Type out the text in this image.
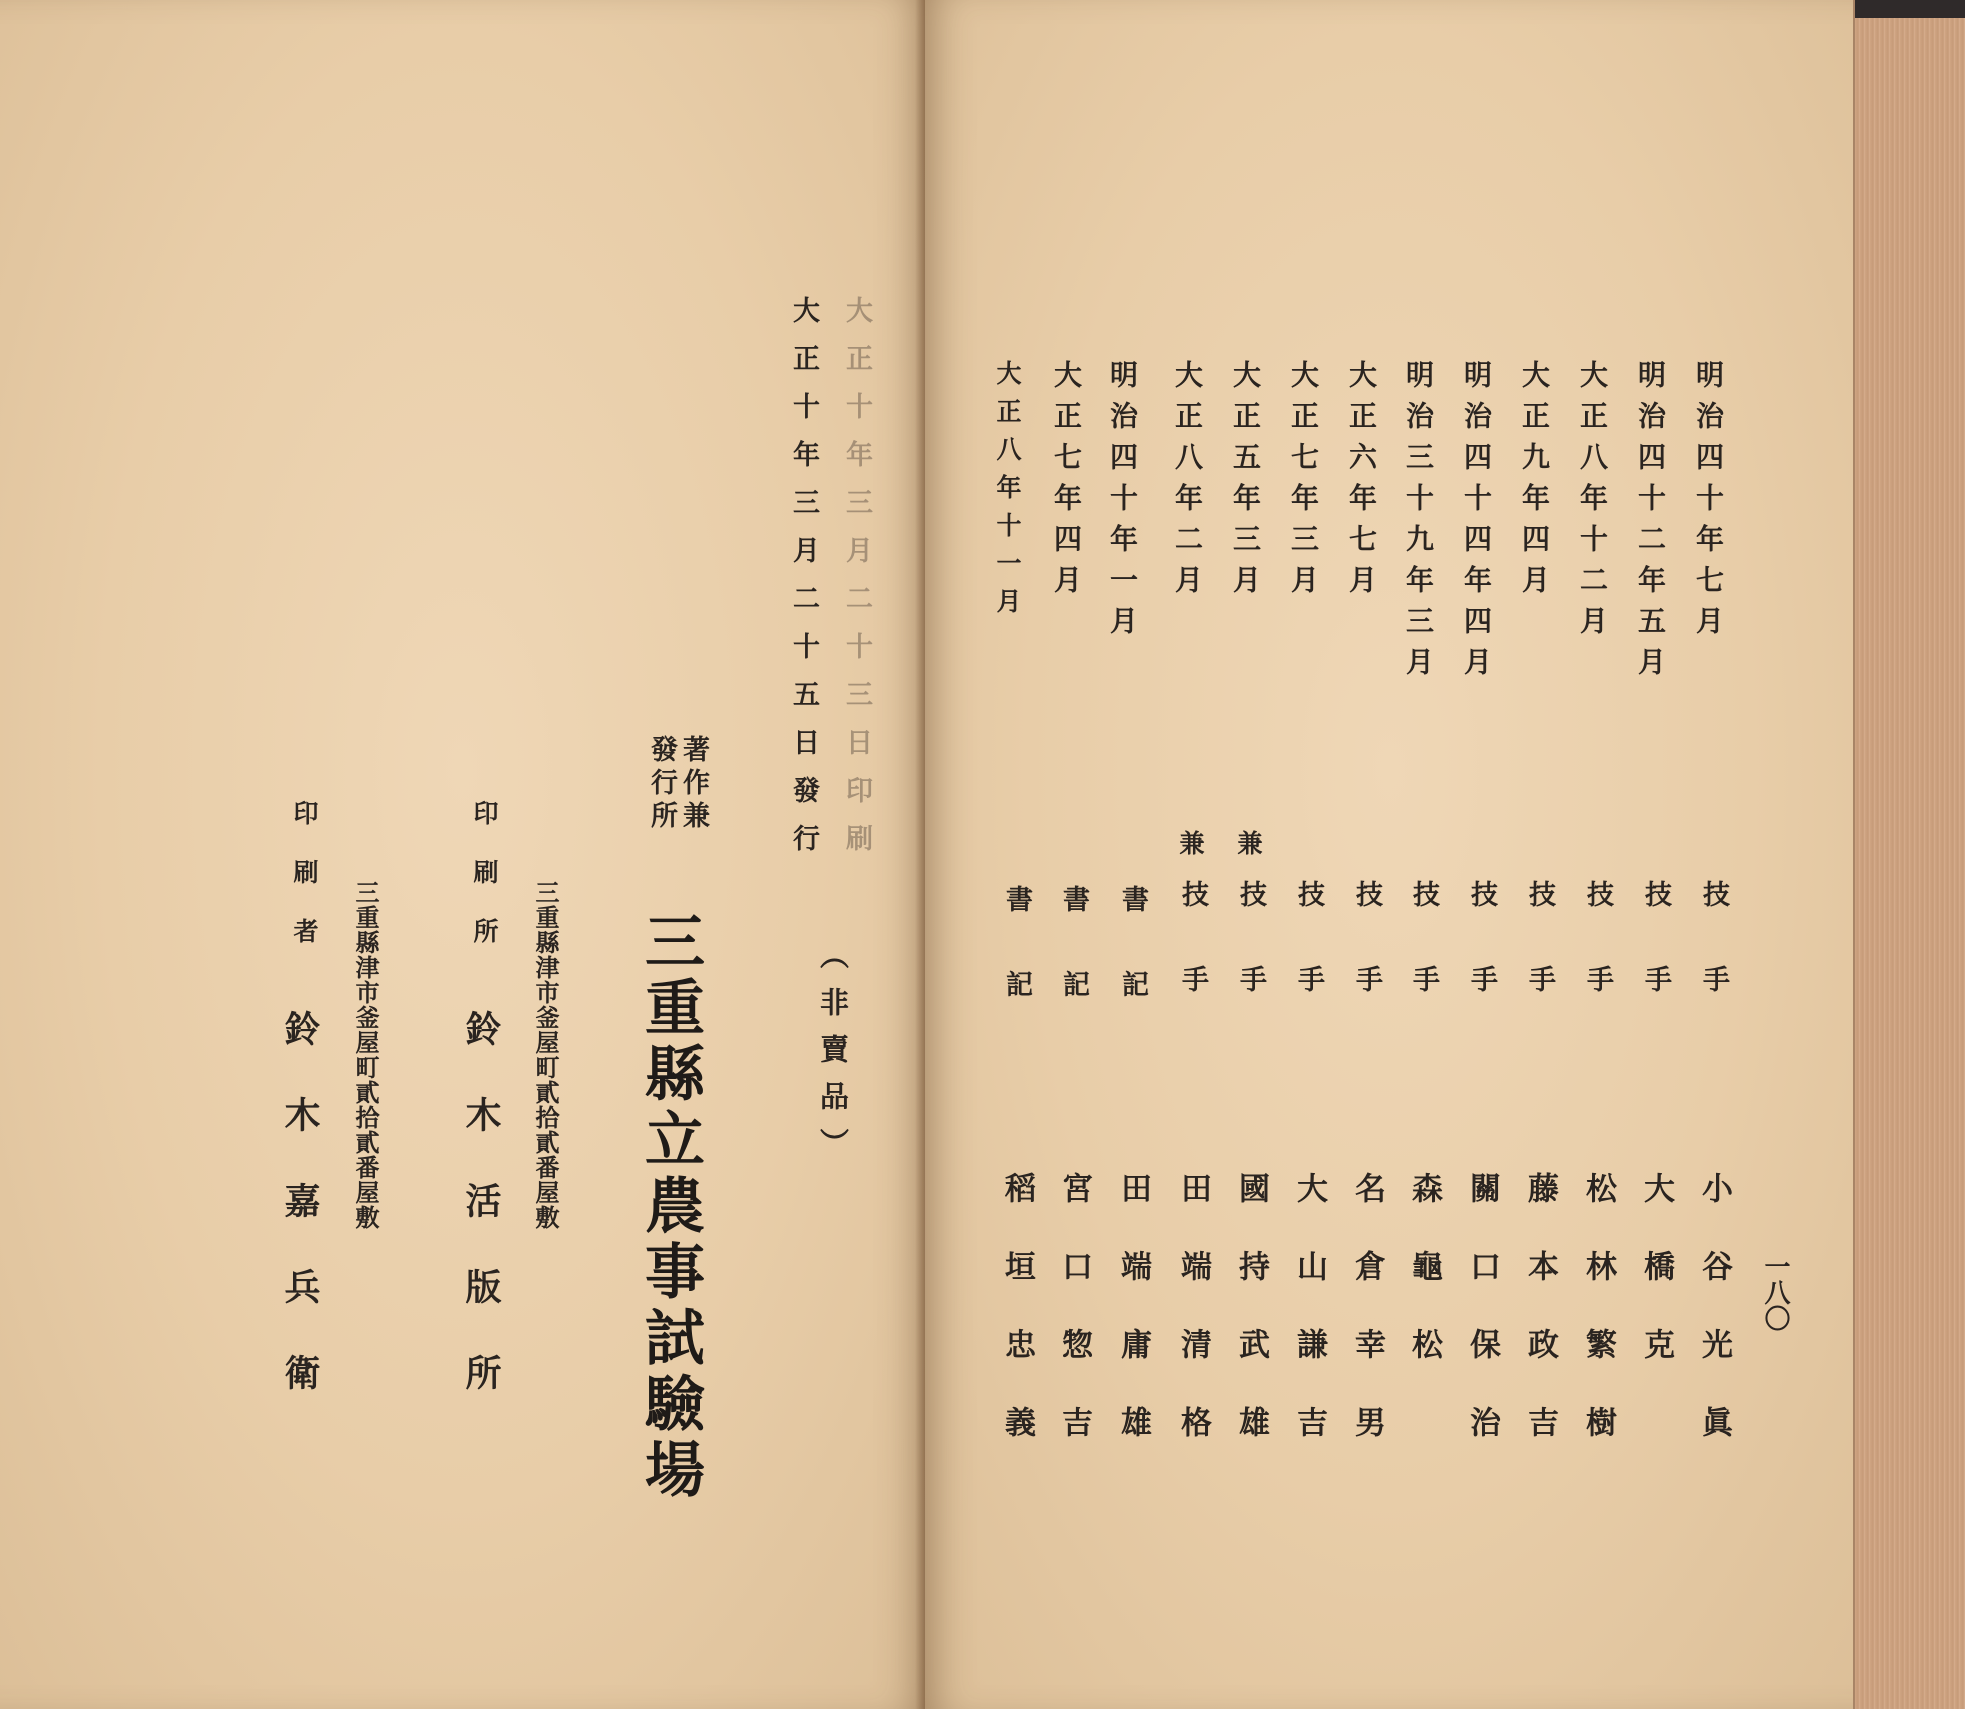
大正十年三月二十三日印刷
大正十年三月二十五日發行
（非賣品）
著作兼
發行所
三重縣立農事試驗場
三重縣津市釜屋町貳拾貳番屋敷
印刷所
鈴木活版所
三重縣津市釜屋町貳拾貳番屋敷
印刷者
鈴木嘉兵衛	一八〇
明治四十年七月
技手
小谷光眞
明治四十二年五月
技手
大橋克
大正八年十二月
技手
松林繁樹
大正九年四月
技手
藤本政吉
明治四十四年四月
技手
關口保治
明治三十九年三月
技手
森龜松
大正六年七月
技手
名倉幸男
大正七年三月
技手
大山謙吉
大正五年三月
兼
技手
國持武雄
大正八年二月
兼
技手
田端清格
明治四十年一月
書記
田端庸雄
大正七年四月
書記
宮口惣吉
大正八年十一月
書記
稻垣忠義
